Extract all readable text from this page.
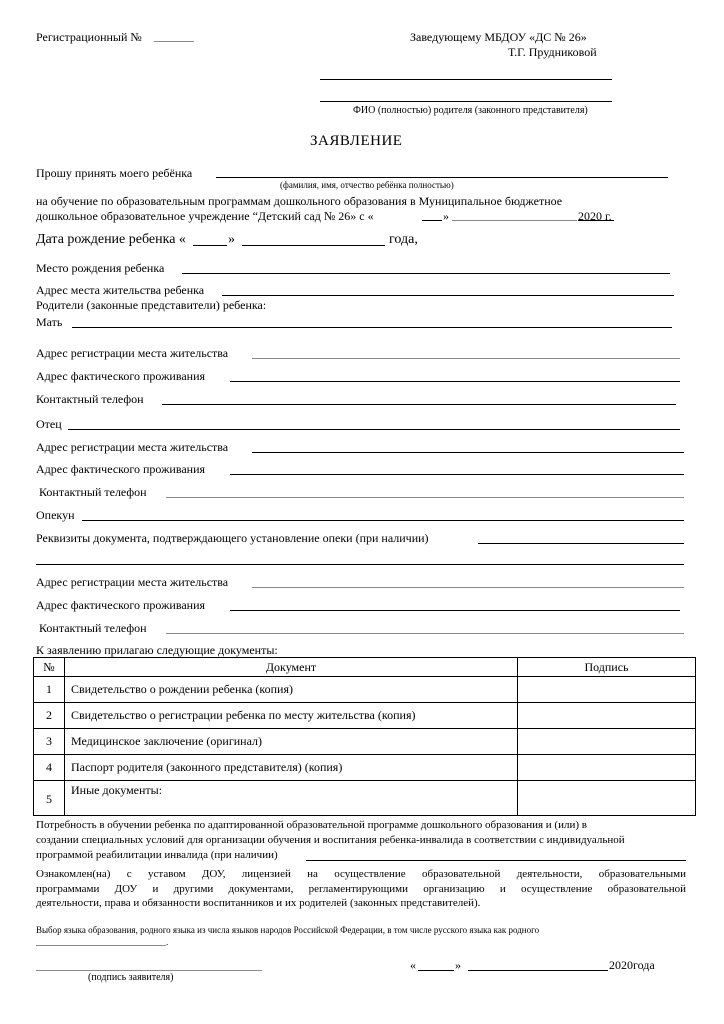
Регистрационный №	Заведующему МБДОУ «ДС № 26»
Т.Г. Прудниковой
ФИО (полностью) родителя (законного представителя)
ЗАЯВЛЕНИЕ
Прошу принять моего ребёнка
(фамилия, имя, отчество ребёнка полностью)
на обучение по образовательным программам дошкольного образования в Муниципальное бюджетное
дошкольное образовательное учреждение “Детский сад № 26» с «	»	2020 г.
Дата рождение ребенка «	»	года,
Место рождения ребенка
Адрес места жительства ребенка
Родители (законные представители) ребенка:
Мать
Адрес регистрации места жительства
Адрес фактического проживания
Контактный телефон
Отец
Адрес регистрации места жительства
Адрес фактического проживания
Контактный телефон
Опекун
Реквизиты документа, подтверждающего установление опеки (при наличии)
Адрес регистрации места жительства
Адрес фактического проживания
Контактный телефон
К заявлению прилагаю следующие документы:
№	Документ	Подпись
1	Свидетельство о рождении ребенка (копия)	
2	Свидетельство о регистрации ребенка по месту жительства (копия)	
3	Медицинское заключение (оригинал)	
4	Паспорт родителя (законного представителя) (копия)	
5	Иные документы:	
Потребность в обучении ребенка по адаптированной образовательной программе дошкольного образования и (или) в
создании специальных условий для организации обучения и воспитания ребенка-инвалида в соответствии с индивидуальной
программой реабилитации инвалида (при наличии)
Ознакомлен(на) с уставом ДОУ, лицензией на осуществление образовательной деятельности, образовательными
программами ДОУ и другими документами, регламентирующими организацию и осуществление образовательной
деятельности, права и обязанности воспитанников и их родителей (законных представителей).
Выбор языка образования, родного языка из числа языков народов Российской Федерации, в том числе русского языка как родного
.
(подпись заявителя)
«	»	2020года
